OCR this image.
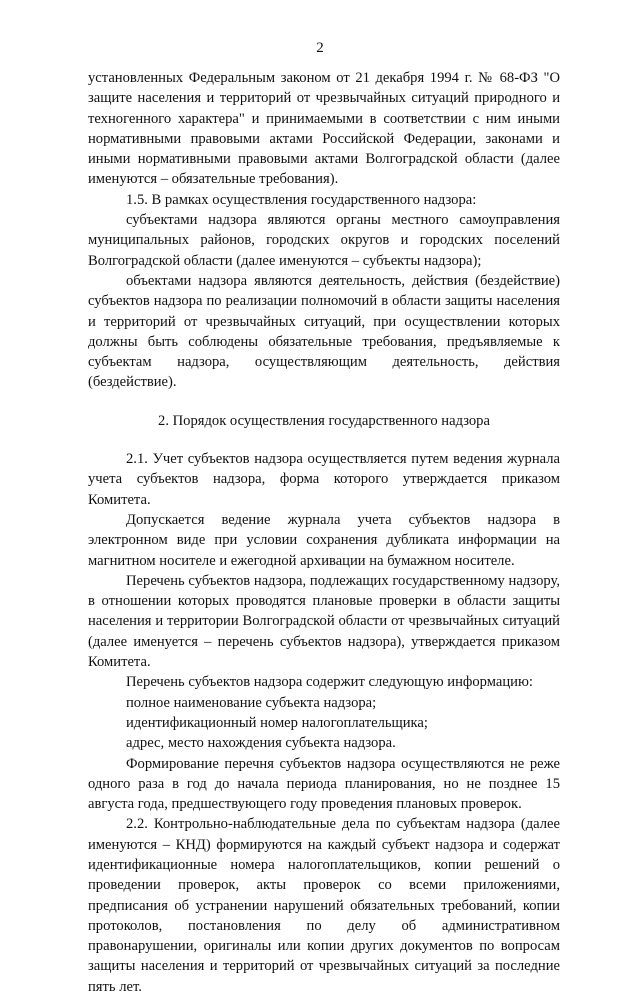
2

установленных Федеральным законом от 21 декабря 1994 г. № 68-ФЗ "О защите населения и территорий от чрезвычайных ситуаций природного и техногенного характера" и принимаемыми в соответствии с ним иными нормативными правовыми актами Российской Федерации, законами и иными нормативными правовыми актами Волгоградской области (далее именуются – обязательные требования).

1.5. В рамках осуществления государственного надзора:

субъектами надзора являются органы местного самоуправления муниципальных районов, городских округов и городских поселений Волгоградской области (далее именуются – субъекты надзора);

объектами надзора являются деятельность, действия (бездействие) субъектов надзора по реализации полномочий в области защиты населения и территорий от чрезвычайных ситуаций, при осуществлении которых должны быть соблюдены обязательные требования, предъявляемые к субъектам надзора, осуществляющим деятельность, действия (бездействие).

2. Порядок осуществления государственного надзора

2.1. Учет субъектов надзора осуществляется путем ведения журнала учета субъектов надзора, форма которого утверждается приказом Комитета.

Допускается ведение журнала учета субъектов надзора в электронном виде при условии сохранения дубликата информации на магнитном носителе и ежегодной архивации на бумажном носителе.

Перечень субъектов надзора, подлежащих государственному надзору, в отношении которых проводятся плановые проверки в области защиты населения и территории Волгоградской области от чрезвычайных ситуаций (далее именуется – перечень субъектов надзора), утверждается приказом Комитета.

Перечень субъектов надзора содержит следующую информацию:

полное наименование субъекта надзора;

идентификационный номер налогоплательщика;

адрес, место нахождения субъекта надзора.

Формирование перечня субъектов надзора осуществляются не реже одного раза в год до начала периода планирования, но не позднее 15 августа года, предшествующего году проведения плановых проверок.

2.2. Контрольно-наблюдательные дела по субъектам надзора (далее именуются – КНД) формируются на каждый субъект надзора и содержат идентификационные номера налогоплательщиков, копии решений о проведении проверок, акты проверок со всеми приложениями, предписания об устранении нарушений обязательных требований, копии протоколов, постановления по делу об административном правонарушении, оригиналы или копии других документов по вопросам защиты населения и территорий от чрезвычайных ситуаций за последние пять лет.
